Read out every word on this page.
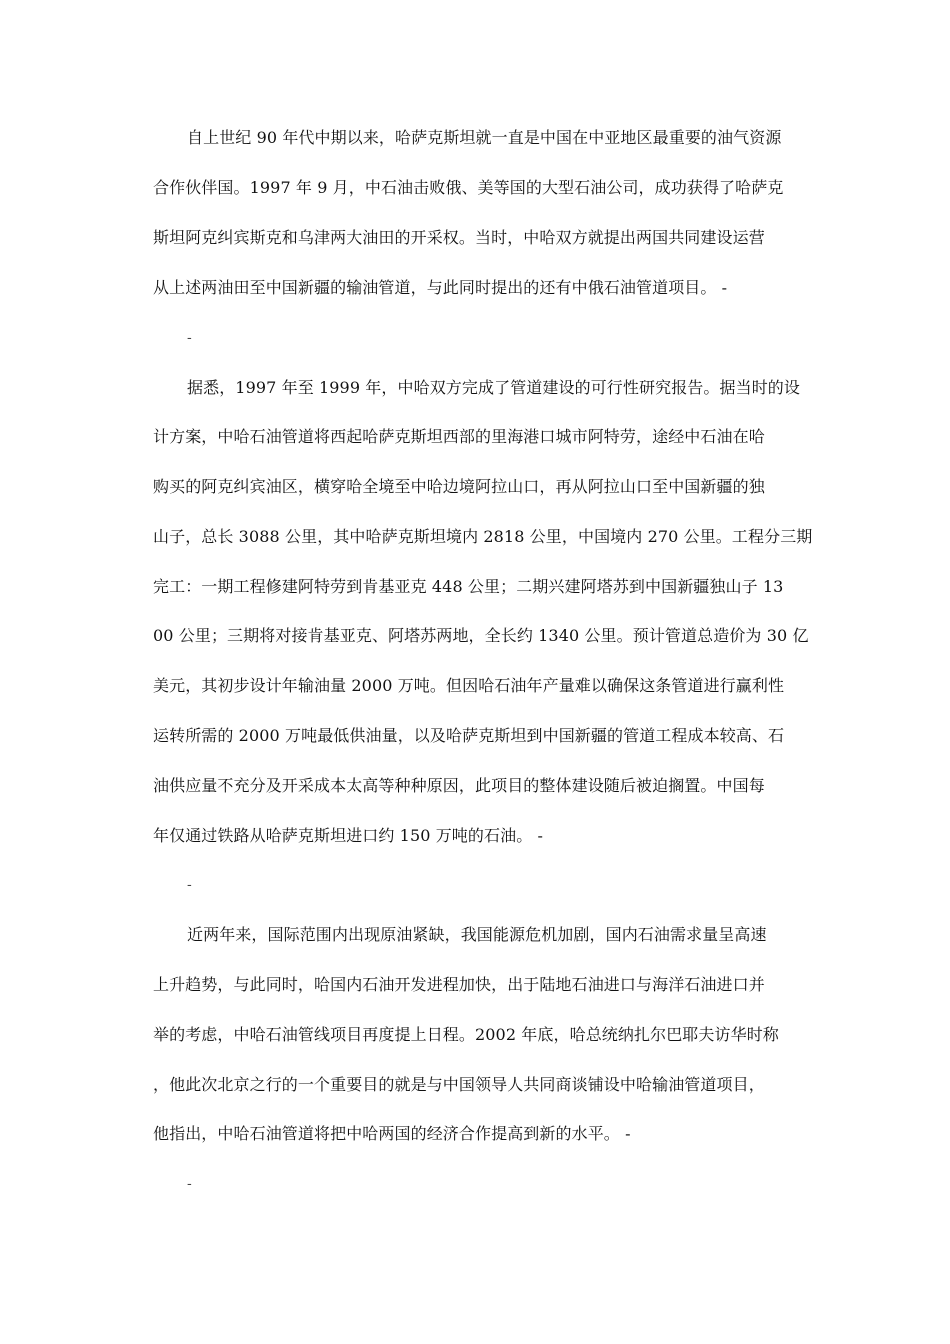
自上世纪 90 年代中期以来，哈萨克斯坦就一直是中国在中亚地区最重要的油气资源
合作伙伴国。1997 年 9 月，中石油击败俄、美等国的大型石油公司，成功获得了哈萨克
斯坦阿克纠宾斯克和乌津两大油田的开采权。当时，中哈双方就提出两国共同建设运营
从上述两油田至中国新疆的输油管道，与此同时提出的还有中俄石油管道项目。 -
-
据悉，1997 年至 1999 年，中哈双方完成了管道建设的可行性研究报告。据当时的设
计方案，中哈石油管道将西起哈萨克斯坦西部的里海港口城市阿特劳，途经中石油在哈
购买的阿克纠宾油区，横穿哈全境至中哈边境阿拉山口，再从阿拉山口至中国新疆的独
山子，总长 3088 公里，其中哈萨克斯坦境内 2818 公里，中国境内 270 公里。工程分三期
完工：一期工程修建阿特劳到肯基亚克 448 公里；二期兴建阿塔苏到中国新疆独山子 13
00 公里；三期将对接肯基亚克、阿塔苏两地，全长约 1340 公里。预计管道总造价为 30 亿
美元，其初步设计年输油量 2000 万吨。但因哈石油年产量难以确保这条管道进行赢利性
运转所需的 2000 万吨最低供油量，以及哈萨克斯坦到中国新疆的管道工程成本较高、石
油供应量不充分及开采成本太高等种种原因，此项目的整体建设随后被迫搁置。中国每
年仅通过铁路从哈萨克斯坦进口约 150 万吨的石油。 -
-
近两年来，国际范围内出现原油紧缺，我国能源危机加剧，国内石油需求量呈高速
上升趋势，与此同时，哈国内石油开发进程加快，出于陆地石油进口与海洋石油进口并
举的考虑，中哈石油管线项目再度提上日程。2002 年底，哈总统纳扎尔巴耶夫访华时称
，他此次北京之行的一个重要目的就是与中国领导人共同商谈铺设中哈输油管道项目，
他指出，中哈石油管道将把中哈两国的经济合作提高到新的水平。 -
-
